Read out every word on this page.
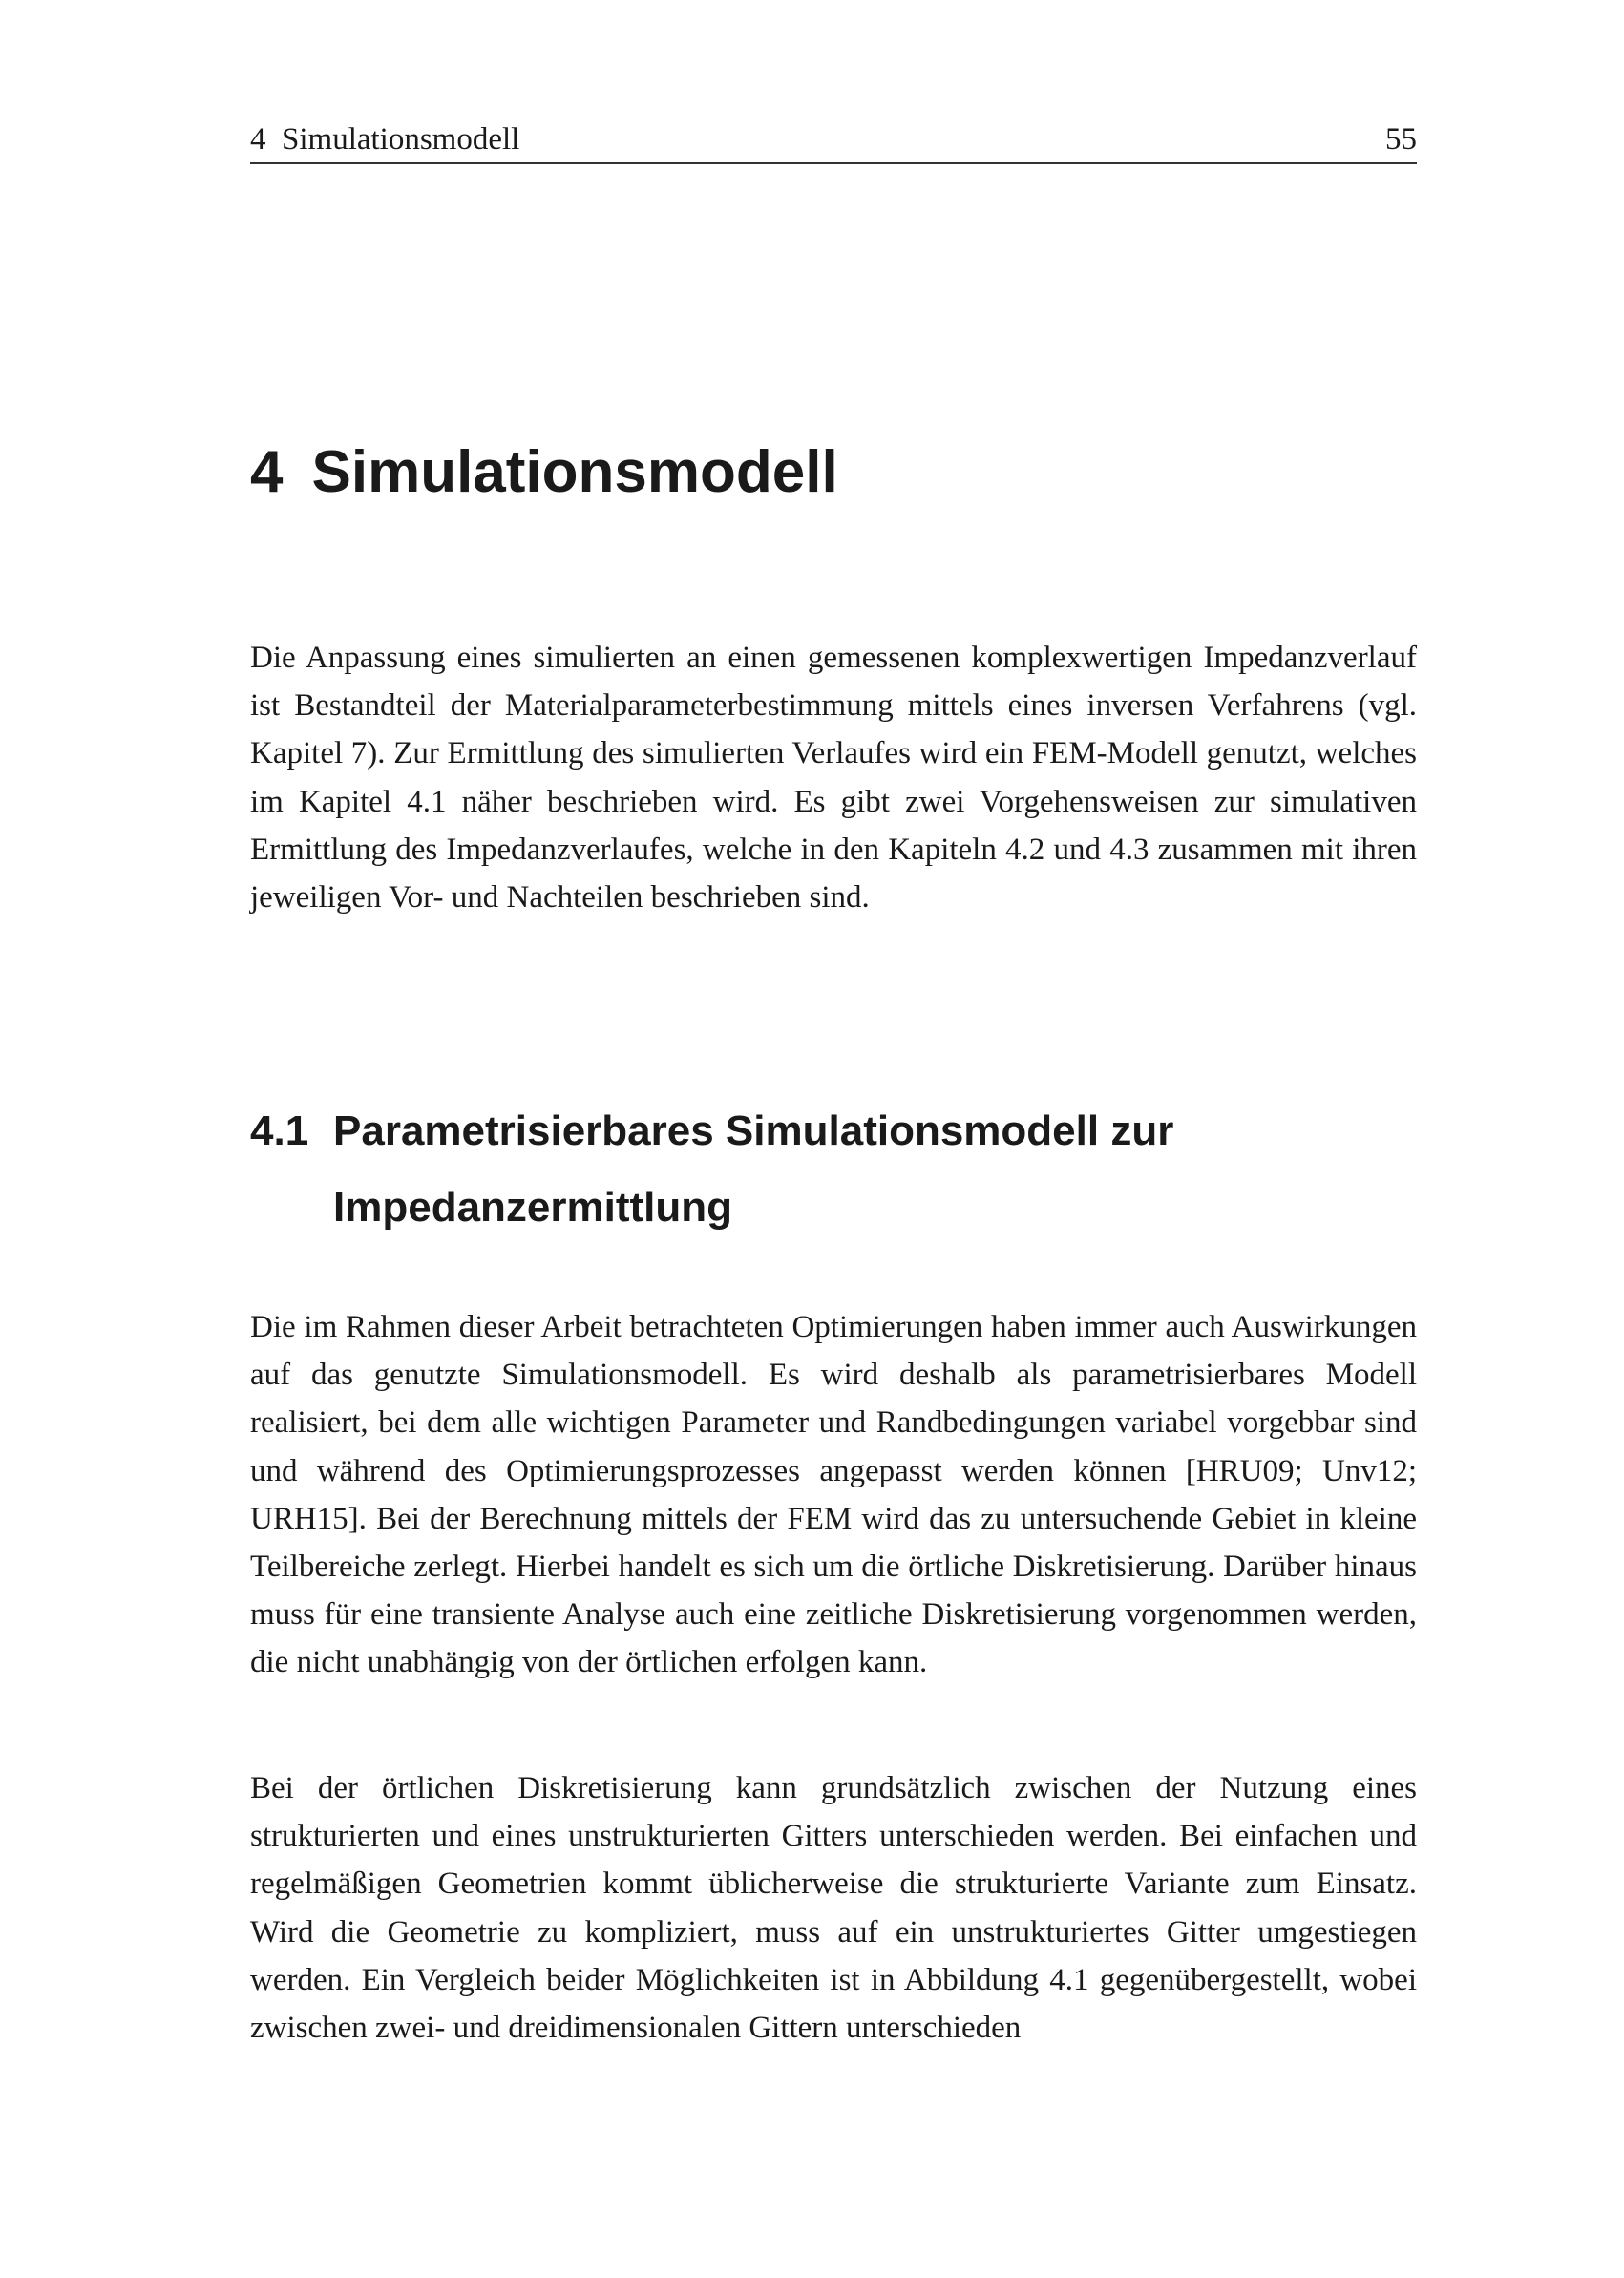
4  Simulationsmodell	55
4 Simulationsmodell

Die Anpassung eines simulierten an einen gemessenen komplexwertigen Impedanzverlauf ist Bestandteil der Materialparameterbestimmung mittels eines inversen Verfahrens (vgl. Kapitel 7). Zur Ermittlung des simulierten Verlaufes wird ein FEM-Modell genutzt, welches im Kapitel 4.1 näher beschrieben wird. Es gibt zwei Vorgehensweisen zur simulativen Ermittlung des Impedanzverlaufes, welche in den Kapiteln 4.2 und 4.3 zusammen mit ihren jeweiligen Vor- und Nachteilen beschrieben sind.

4.1 Parametrisierbares Simulationsmodell zur Impedanzermittlung

Die im Rahmen dieser Arbeit betrachteten Optimierungen haben immer auch Auswirkungen auf das genutzte Simulationsmodell. Es wird deshalb als parametrisierbares Modell realisiert, bei dem alle wichtigen Parameter und Randbedingungen variabel vorgebbar sind und während des Optimierungsprozesses angepasst werden können [HRU09; Unv12; URH15]. Bei der Berechnung mittels der FEM wird das zu untersuchende Gebiet in kleine Teilbereiche zerlegt. Hierbei handelt es sich um die örtliche Diskretisierung. Darüber hinaus muss für eine transiente Analyse auch eine zeitliche Diskretisierung vorgenommen werden, die nicht unabhängig von der örtlichen erfolgen kann.

Bei der örtlichen Diskretisierung kann grundsätzlich zwischen der Nutzung eines strukturierten und eines unstrukturierten Gitters unterschieden werden. Bei einfachen und regelmäßigen Geometrien kommt üblicherweise die strukturierte Variante zum Einsatz. Wird die Geometrie zu kompliziert, muss auf ein unstrukturiertes Gitter umgestiegen werden. Ein Vergleich beider Möglichkeiten ist in Abbildung 4.1 gegenübergestellt, wobei zwischen zwei- und dreidimensionalen Gittern unterschieden
